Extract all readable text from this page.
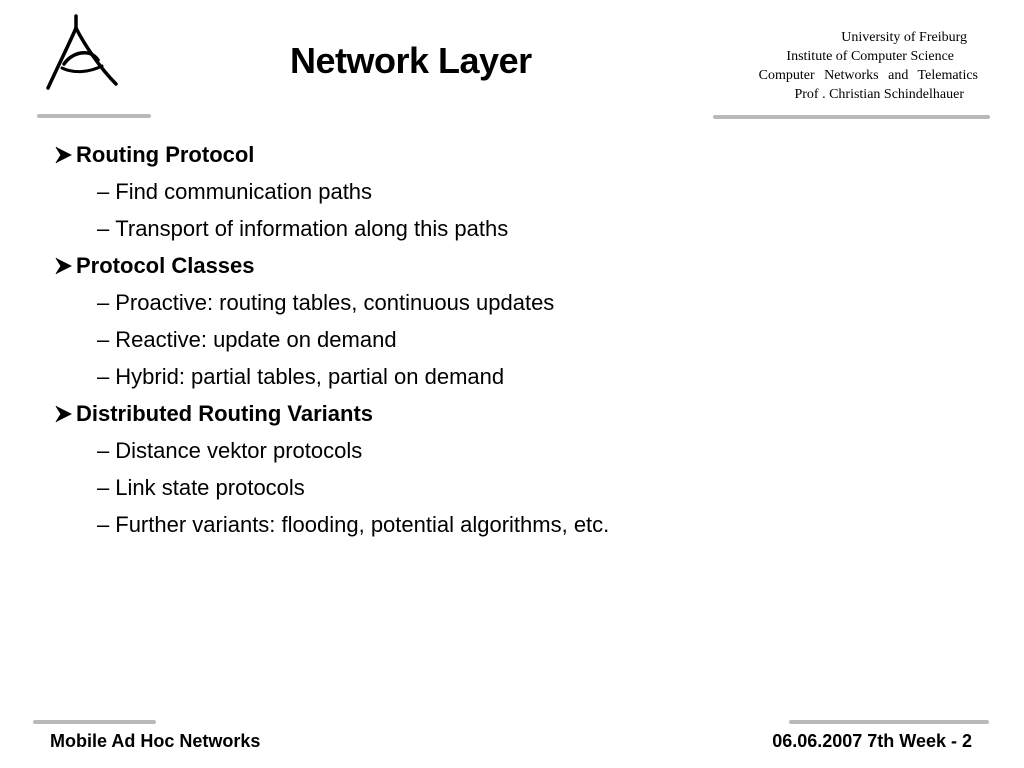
Network Layer
University of Freiburg
Institute of Computer Science
Computer Networks and Telematics
Prof . Christian Schindelhauer
Routing Protocol
– Find communication paths
– Transport of information along this paths
Protocol Classes
– Proactive: routing tables, continuous updates
– Reactive: update on demand
– Hybrid: partial tables, partial on demand
Distributed Routing Variants
– Distance vektor protocols
– Link state protocols
– Further variants: flooding, potential algorithms, etc.
Mobile Ad Hoc Networks	06.06.2007 7th Week - 2
